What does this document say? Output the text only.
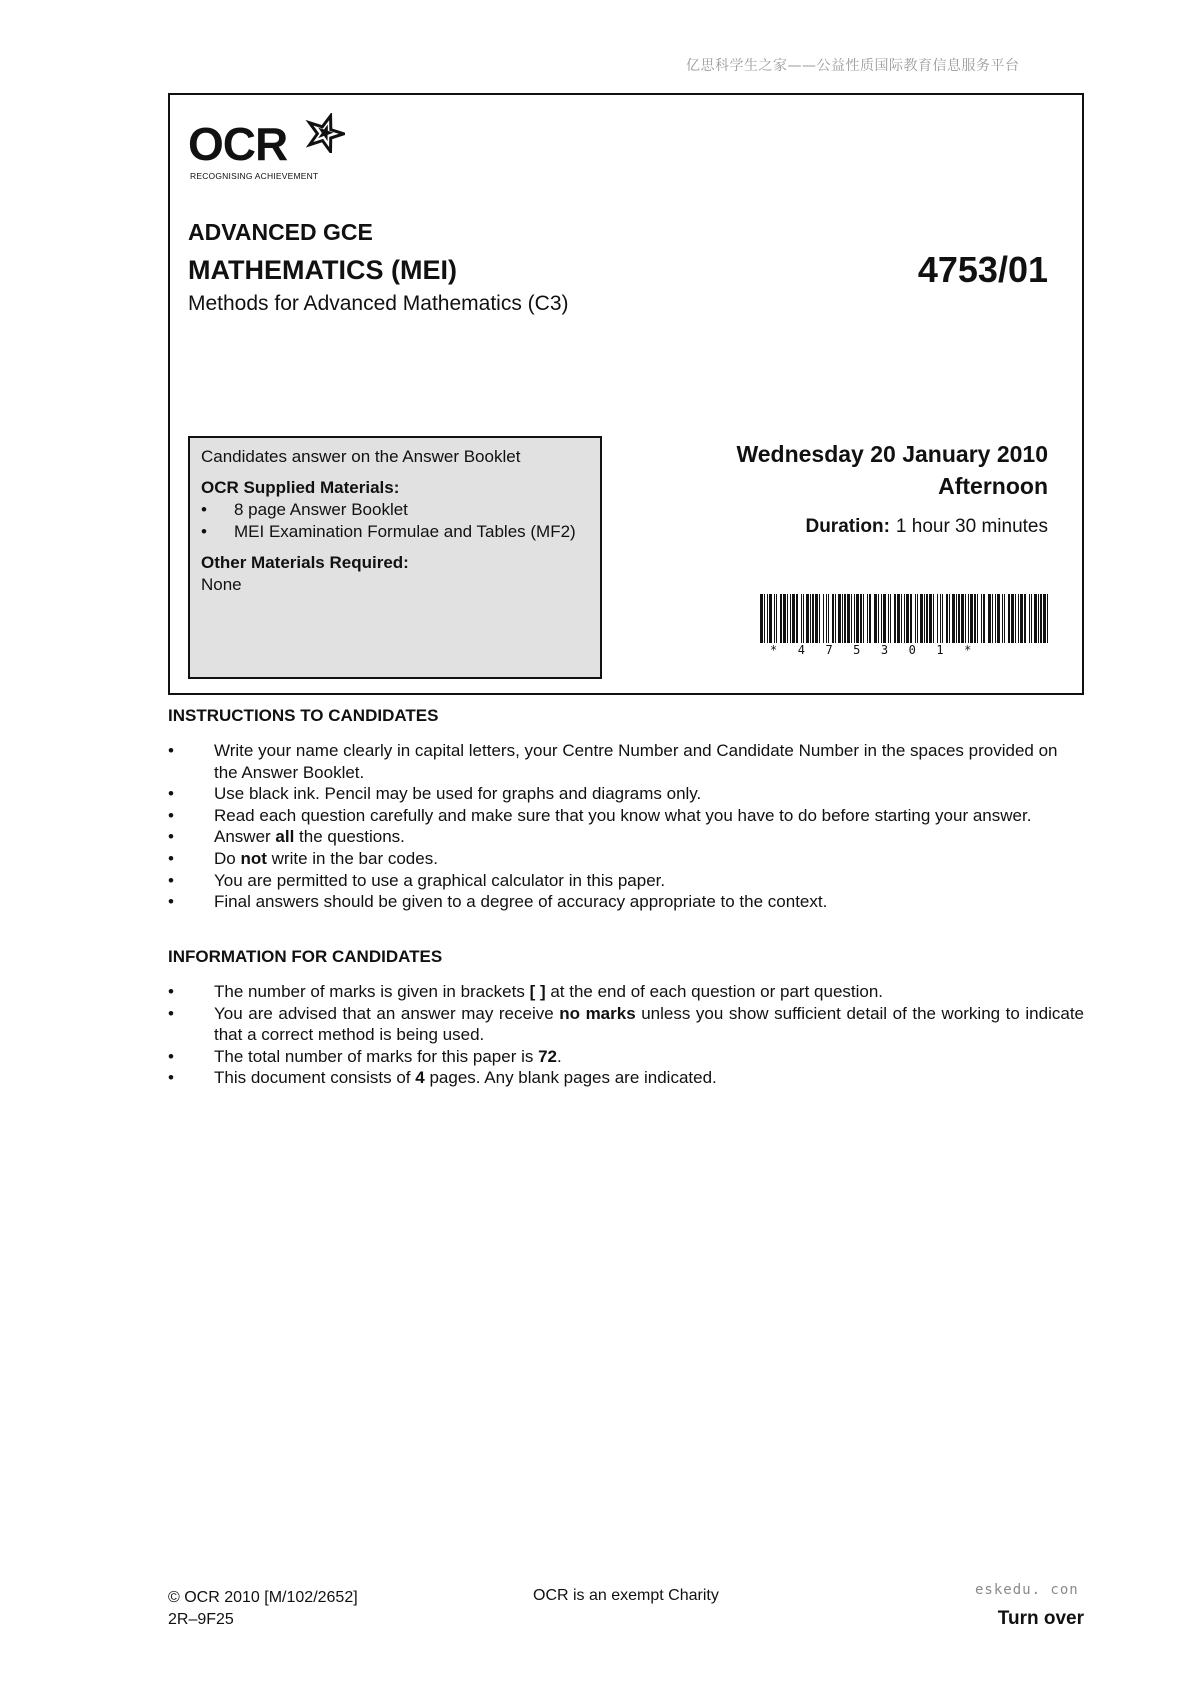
亿思科学生之家——公益性质国际教育信息服务平台
OCR
RECOGNISING ACHIEVEMENT
ADVANCED GCE
MATHEMATICS (MEI)	4753/01
Methods for Advanced Mathematics (C3)
Candidates answer on the Answer Booklet
OCR Supplied Materials:
• 8 page Answer Booklet
• MEI Examination Formulae and Tables (MF2)
Other Materials Required:
None
Wednesday 20 January 2010
Afternoon
Duration: 1 hour 30 minutes
*475301*
INSTRUCTIONS TO CANDIDATES
• Write your name clearly in capital letters, your Centre Number and Candidate Number in the spaces provided on the Answer Booklet.
• Use black ink. Pencil may be used for graphs and diagrams only.
• Read each question carefully and make sure that you know what you have to do before starting your answer.
• Answer all the questions.
• Do not write in the bar codes.
• You are permitted to use a graphical calculator in this paper.
• Final answers should be given to a degree of accuracy appropriate to the context.
INFORMATION FOR CANDIDATES
• The number of marks is given in brackets [ ] at the end of each question or part question.
• You are advised that an answer may receive no marks unless you show sufficient detail of the working to indicate that a correct method is being used.
• The total number of marks for this paper is 72.
• This document consists of 4 pages. Any blank pages are indicated.
© OCR 2010 [M/102/2652]
2R–9F25
OCR is an exempt Charity	eskedu. con
Turn over
